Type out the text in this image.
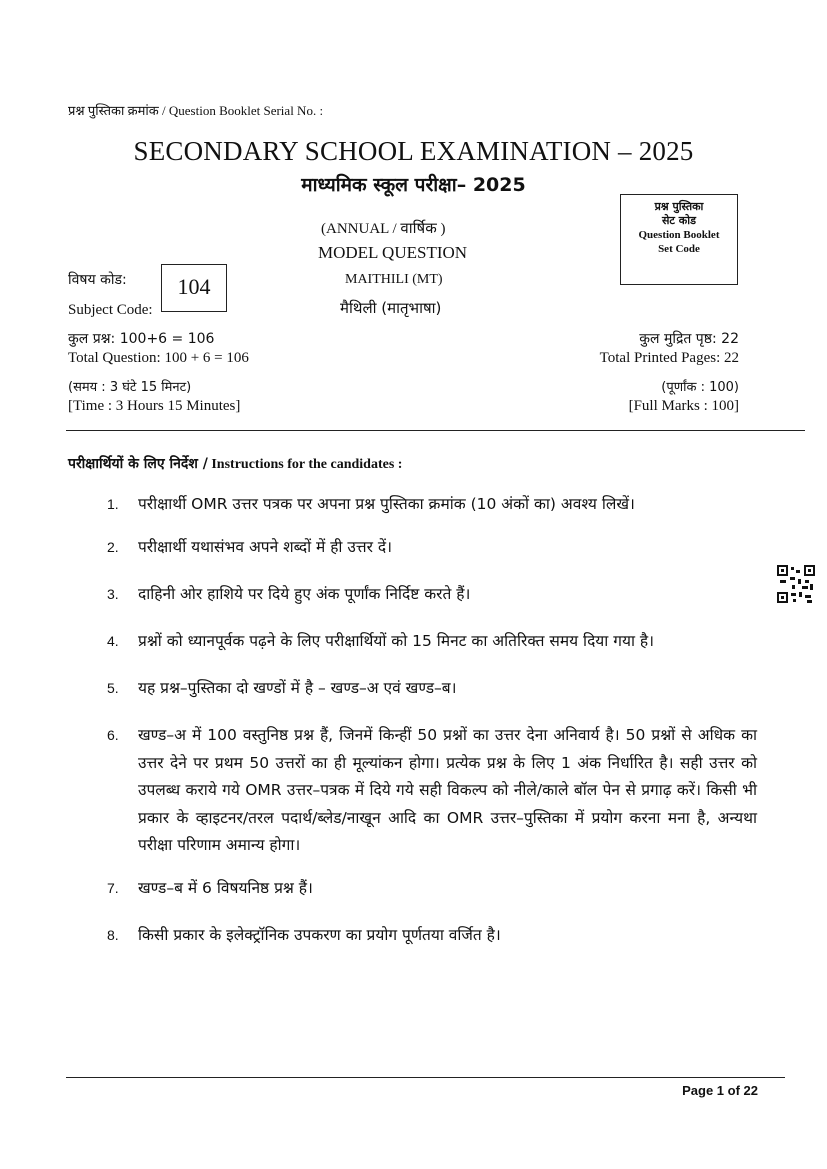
प्रश्न पुस्तिका क्रमांक / Question Booklet Serial No. :
SECONDARY SCHOOL EXAMINATION – 2025
माध्यमिक स्कूल परीक्षा– 2025
प्रश्न पुस्तिका
सेट कोड
Question Booklet
Set Code
(ANNUAL / वार्षिक )
MODEL QUESTION
विषय कोड:	104
Subject Code:
MAITHILI (MT)
मैथिली (मातृभाषा)
कुल प्रश्न: 100+6 = 106
Total Question: 100 + 6 = 106
(समय : 3 घंटे 15 मिनट)
[Time : 3 Hours 15 Minutes]
कुल मुद्रित पृष्ठ: 22
Total Printed Pages: 22
(पूर्णांक : 100)
[Full Marks : 100]
परीक्षार्थियों के लिए निर्देश / Instructions for the candidates :
1.	परीक्षार्थी OMR उत्तर पत्रक पर अपना प्रश्न पुस्तिका क्रमांक (10 अंकों का) अवश्य लिखें।
2.	परीक्षार्थी यथासंभव अपने शब्दों में ही उत्तर दें।
3.	दाहिनी ओर हाशिये पर दिये हुए अंक पूर्णांक निर्दिष्ट करते हैं।
4.	प्रश्नों को ध्यानपूर्वक पढ़ने के लिए परीक्षार्थियों को 15 मिनट का अतिरिक्त समय दिया गया है।
5.	यह प्रश्न–पुस्तिका दो खण्डों में है – खण्ड–अ एवं खण्ड–ब।
6.	खण्ड–अ में 100 वस्तुनिष्ठ प्रश्न हैं, जिनमें किन्हीं 50 प्रश्नों का उत्तर देना अनिवार्य है। 50 प्रश्नों से अधिक का उत्तर देने पर प्रथम 50 उत्तरों का ही मूल्यांकन होगा। प्रत्येक प्रश्न के लिए 1 अंक निर्धारित है। सही उत्तर को उपलब्ध कराये गये OMR उत्तर–पत्रक में दिये गये सही विकल्प को नीले/काले बॉल पेन से प्रगाढ़ करें। किसी भी प्रकार के व्हाइटनर/तरल पदार्थ/ब्लेड/नाखून आदि का OMR उत्तर–पुस्तिका में प्रयोग करना मना है, अन्यथा परीक्षा परिणाम अमान्य होगा।
7.	खण्ड–ब में 6 विषयनिष्ठ प्रश्न हैं।
8.	किसी प्रकार के इलेक्ट्रॉनिक उपकरण का प्रयोग पूर्णतया वर्जित है।
Page 1 of 22
